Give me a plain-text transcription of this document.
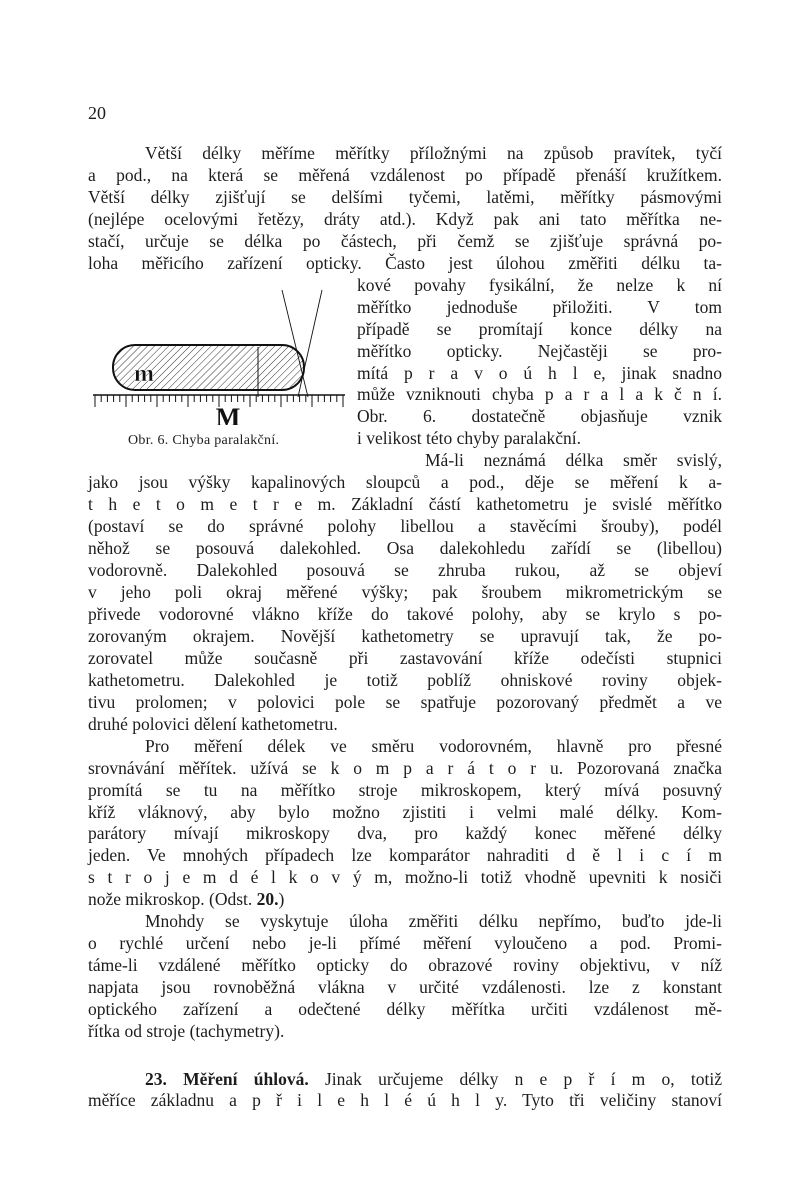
20
Větší délky měříme měřítky příložnými na způsob pravítek, tyčí
a pod., na která se měřená vzdálenost po případě přenáší kružítkem.
Větší délky zjišťují se delšími tyčemi, latěmi, měřítky pásmovými
(nejlépe ocelovými řetězy, dráty atd.). Když pak ani tato měřítka ne-
stačí, určuje se délka po částech, při čemž se zjišťuje správná po-
loha měřicího zařízení opticky. Často jest úlohou změřiti délku ta-
kové povahy fysikální, že nelze k ní
měřítko jednoduše přiložiti. V tom
případě se promítají konce délky na
měřítko opticky. Nejčastěji se pro-
mítá p r a v o ú h l e, jinak snadno
může vzniknouti chyba p a r a l a k č n í.
Obr. 6. dostatečně objasňuje vznik
i velikost této chyby paralakční.
Má-li neznámá délka směr svislý,
jako jsou výšky kapalinových sloupců a pod., děje se měření k a-
t h e t o m e t r e m. Základní částí kathetometru je svislé měřítko
(postaví se do správné polohy libellou a stavěcími šrouby), podél
něhož se posouvá dalekohled. Osa dalekohledu zařídí se (libellou)
vodorovně. Dalekohled posouvá se zhruba rukou, až se objeví
v jeho poli okraj měřené výšky; pak šroubem mikrometrickým se
přivede vodorovné vlákno kříže do takové polohy, aby se krylo s po-
zorovaným okrajem. Novější kathetometry se upravují tak, že po-
zorovatel může současně při zastavování kříže odečísti stupnici
kathetometru. Dalekohled je totiž poblíž ohniskové roviny objek-
tivu prolomen; v polovici pole se spatřuje pozorovaný předmět a ve
druhé polovici dělení kathetometru.
Pro měření délek ve směru vodorovném, hlavně pro přesné
srovnávání měřítek. užívá se k o m p a r á t o r u. Pozorovaná značka
promítá se tu na měřítko stroje mikroskopem, který mívá posuvný
kříž vláknový, aby bylo možno zjistiti i velmi malé délky. Kom-
parátory mívají mikroskopy dva, pro každý konec měřené délky
jeden. Ve mnohých případech lze komparátor nahraditi d ě l i c í m
s t r o j e m d é l k o v ý m, možno-li totiž vhodně upevniti k nosiči
nože mikroskop. (Odst. 20.)
Mnohdy se vyskytuje úloha změřiti délku nepřímo, buďto jde-li
o rychlé určení nebo je-li přímé měření vyloučeno a pod. Promi-
táme-li vzdálené měřítko opticky do obrazové roviny objektivu, v níž
napjata jsou rovnoběžná vlákna v určité vzdálenosti. lze z konstant
optického zařízení a odečtené délky měřítka určiti vzdálenost mě-
řítka od stroje (tachymetry).
m
M
Obr. 6. Chyba paralakční.
23. Měření úhlová. Jinak určujeme délky n e p ř í m o, totiž
měříce základnu a p ř i l e h l é ú h l y. Tyto tři veličiny stanoví
